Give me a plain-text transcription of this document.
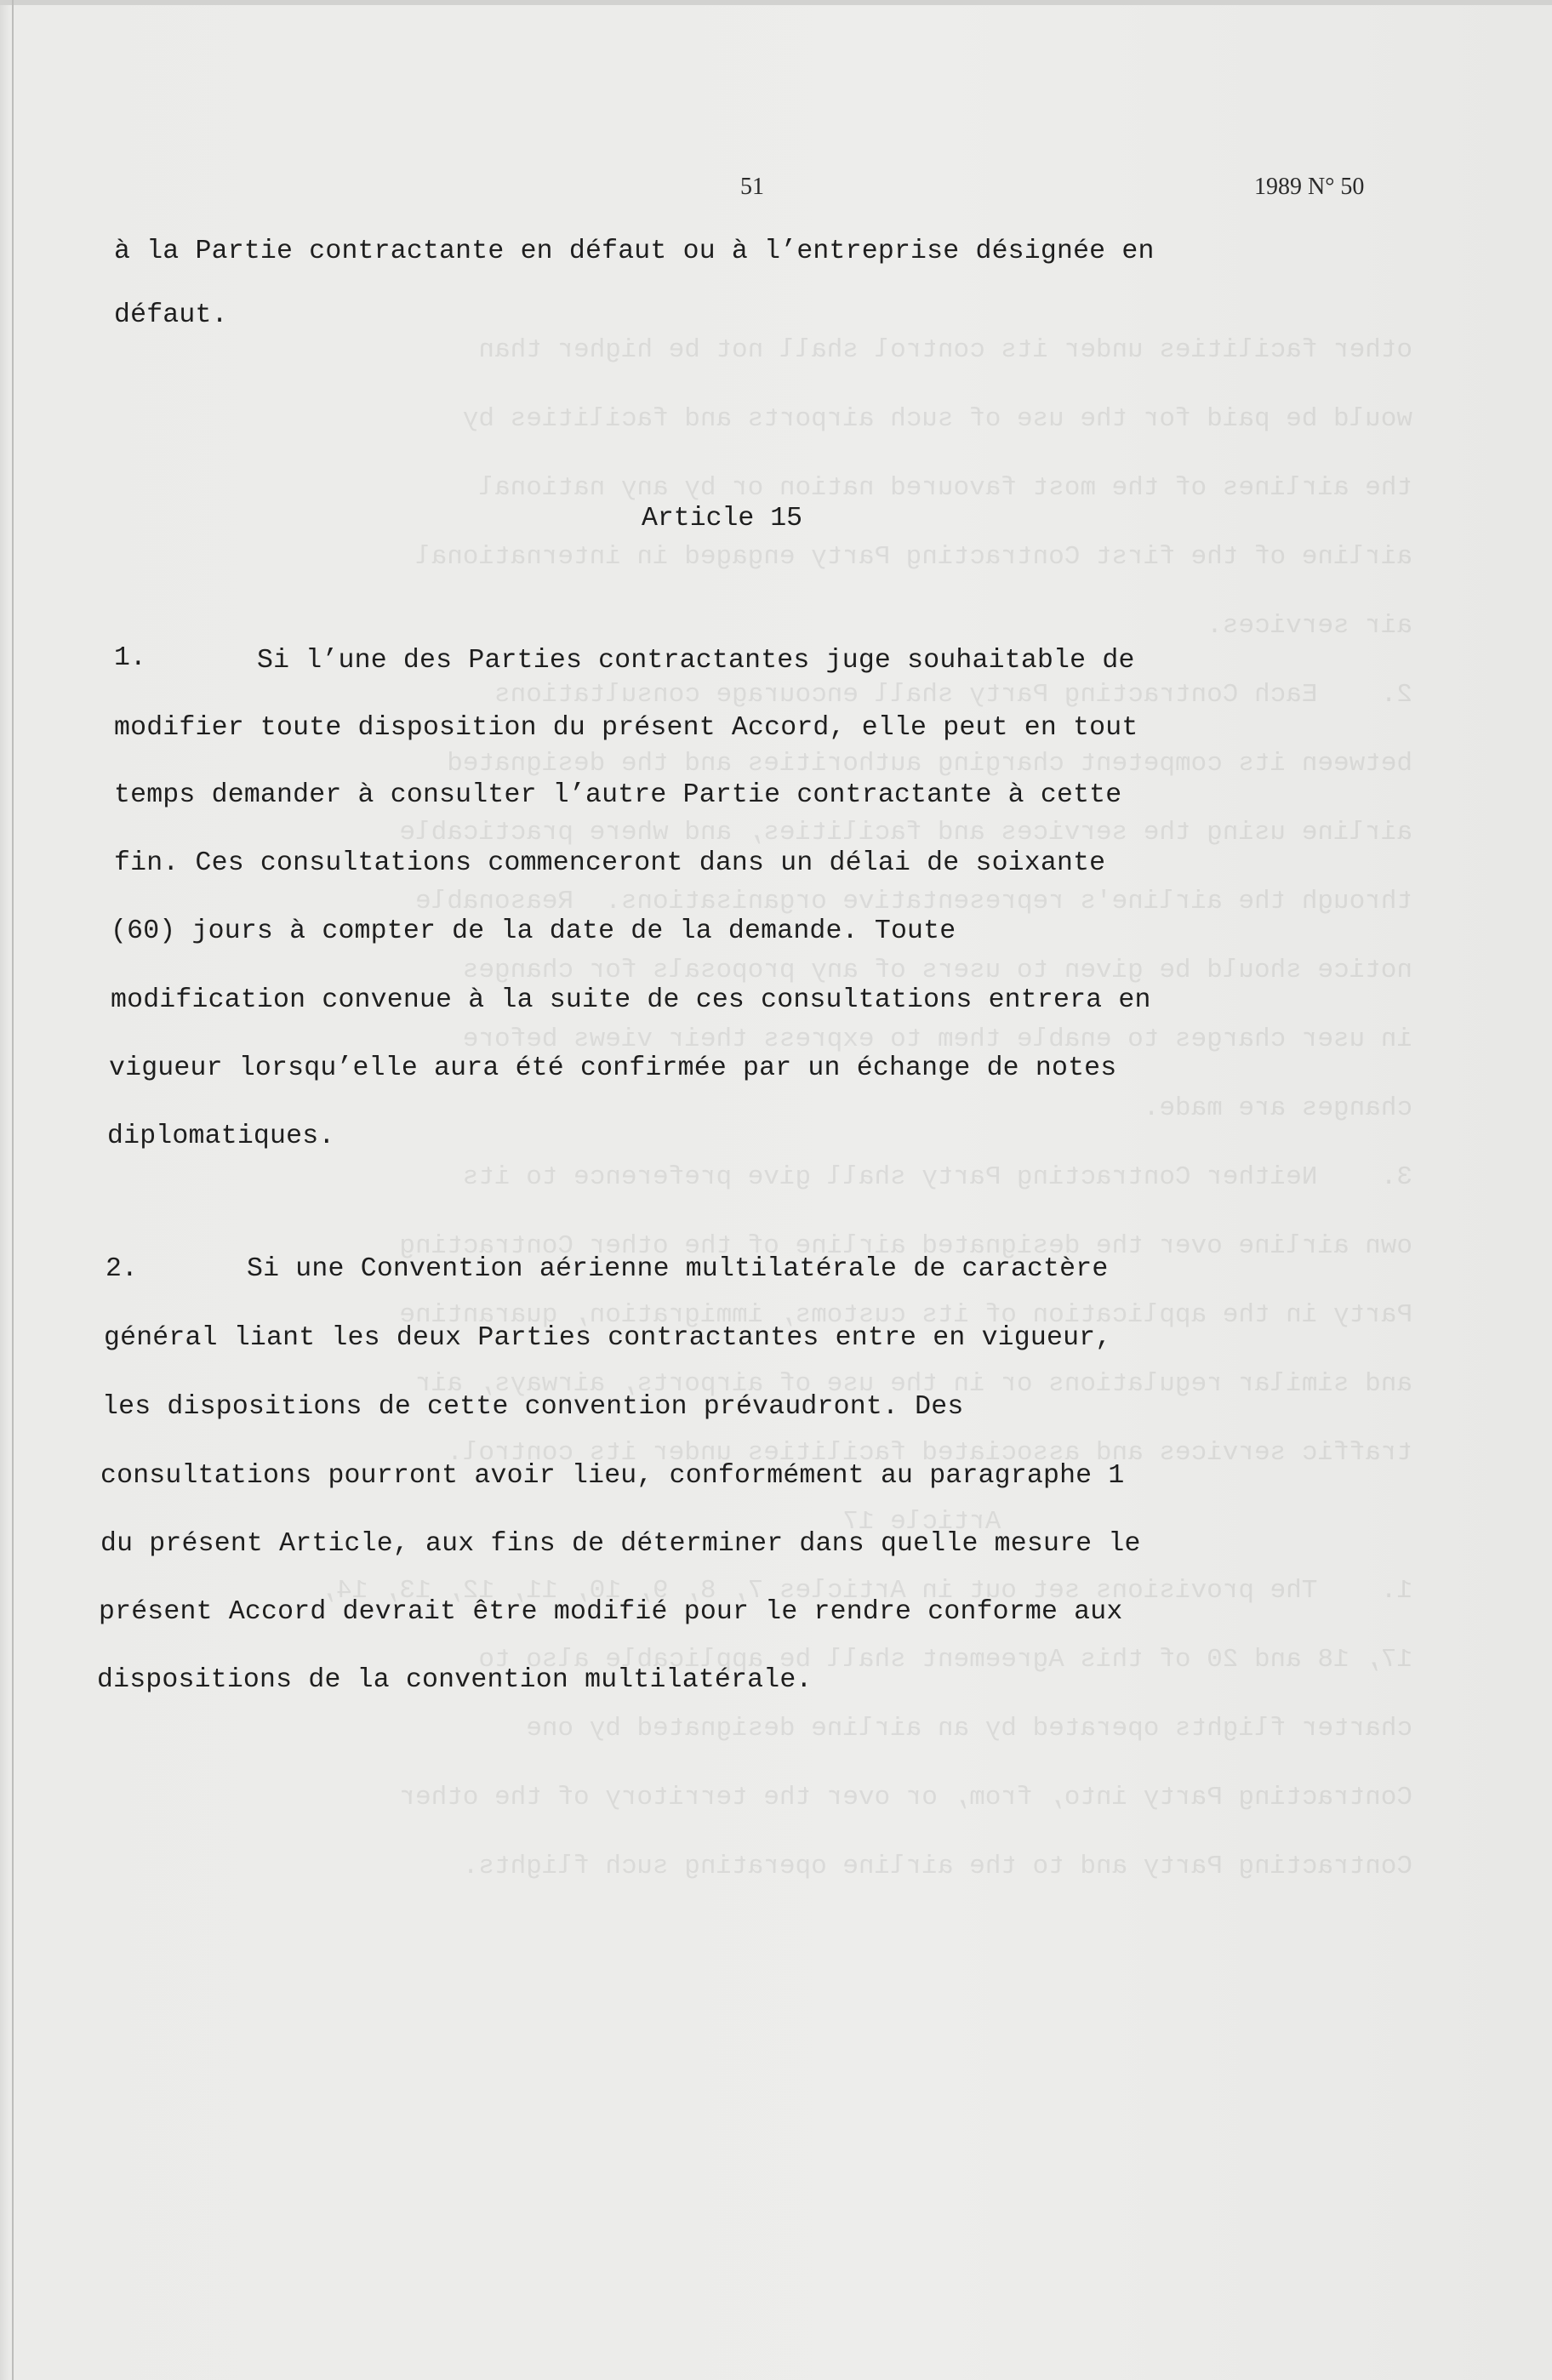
other facilities under its control shall not be higher than
would be paid for the use of such airports and facilities by
the airlines of the most favoured nation or by any national
airline of the first Contracting Party engaged in international
air services.
2.    Each Contracting Party shall encourage consultations
between its competent charging authorities and the designated
airline using the services and facilities, and where practicable
through the airline's representative organisations.  Reasonable
notice should be given to users of any proposals for changes
in user charges to enable them to express their views before
changes are made.
3.    Neither Contracting Party shall give preference to its
own airline over the designated airline of the other Contracting
Party in the application of its customs, immigration, quarantine
and similar regulations or in the use of airports, airways, air
traffic services and associated facilities under its control.
Article 17
1.    The provisions set out in Articles 7, 8, 9, 10, 11, 12, 13, 14,
17, 18 and 20 of this Agreement shall be applicable also to
charter flights operated by an airline designated by one
Contracting Party into, from, or over the territory of the other
Contracting Party and to the airline operating such flights.

51	1989 N° 50
à la Partie contractante en défaut ou à l’entreprise désignée en
défaut.
Article 15
1.	Si l’une des Parties contractantes juge souhaitable de
modifier toute disposition du présent Accord, elle peut en tout
temps demander à consulter l’autre Partie contractante à cette
fin. Ces consultations commenceront dans un délai de soixante
(60) jours à compter de la date de la demande. Toute
modification convenue à la suite de ces consultations entrera en
vigueur lorsqu’elle aura été confirmée par un échange de notes
diplomatiques.
2.	Si une Convention aérienne multilatérale de caractère
général liant les deux Parties contractantes entre en vigueur,
les dispositions de cette convention prévaudront. Des
consultations pourront avoir lieu, conformément au paragraphe 1
du présent Article, aux fins de déterminer dans quelle mesure le
présent Accord devrait être modifié pour le rendre conforme aux
dispositions de la convention multilatérale.
